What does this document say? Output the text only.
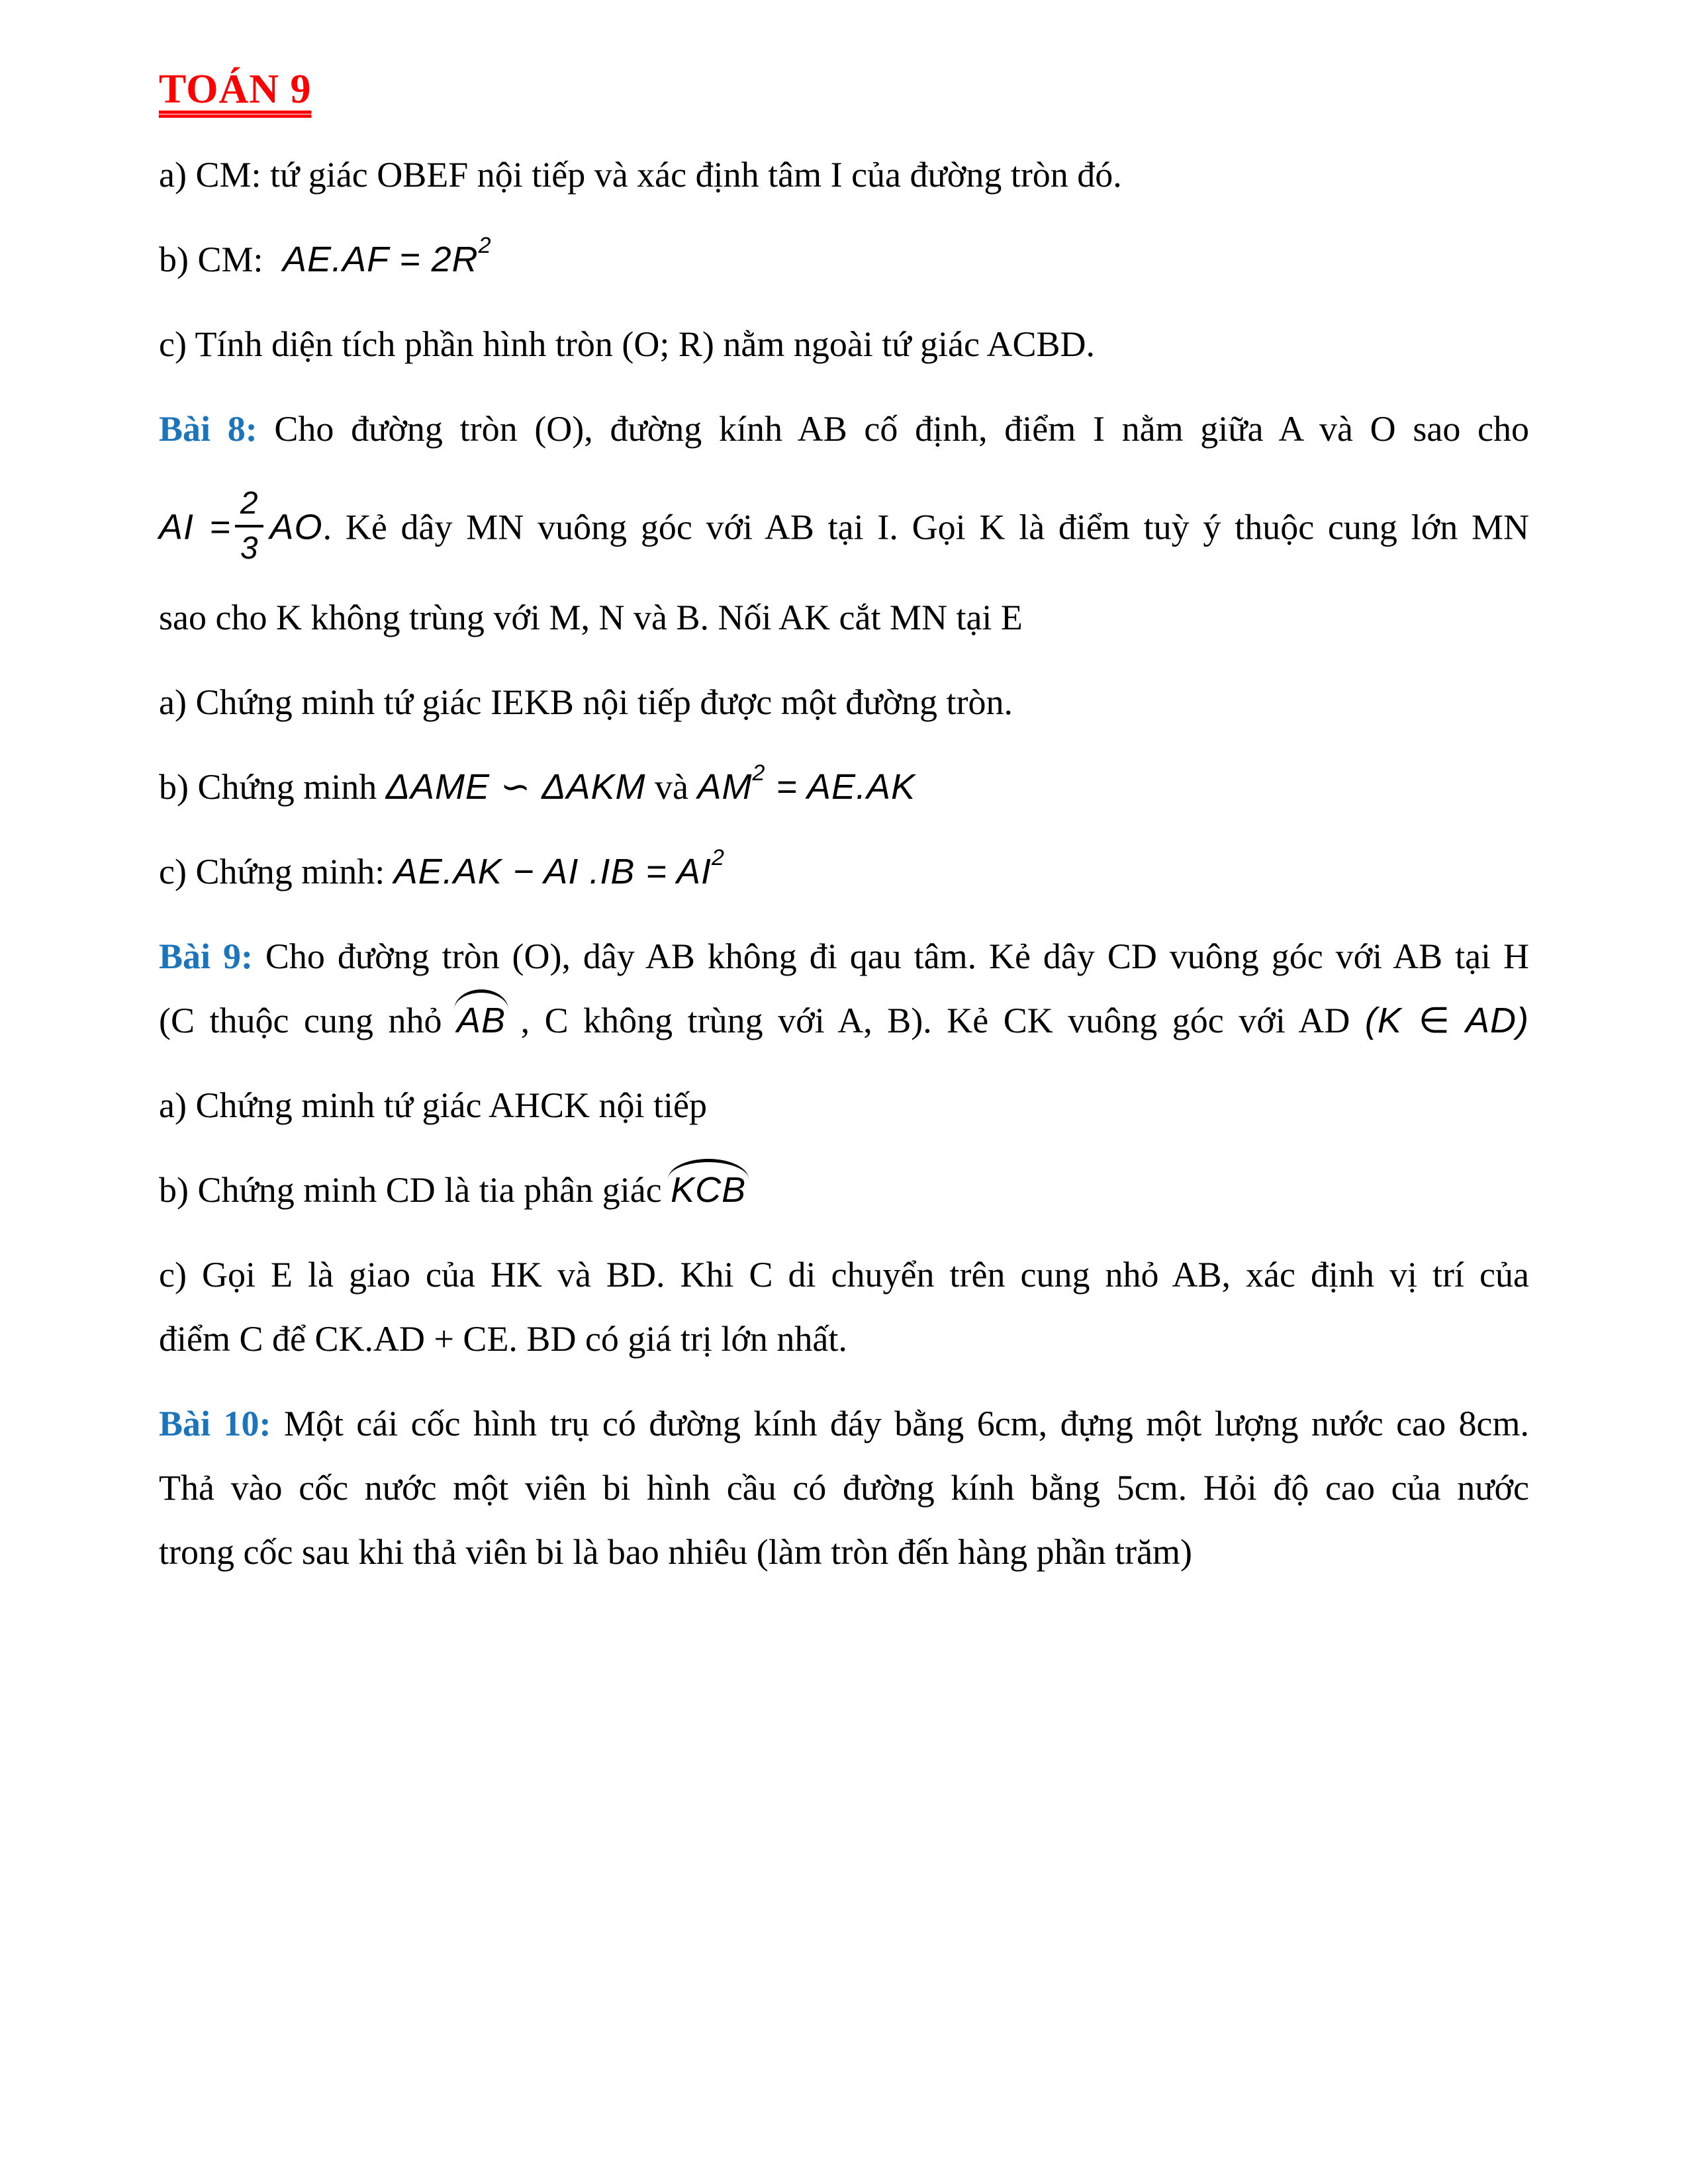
TOÁN 9
a) CM: tứ giác OBEF nội tiếp và xác định tâm I của đường tròn đó.
b) CM: $AE.AF = 2R^2$
c) Tính diện tích phần hình tròn (O; R) nằm ngoài tứ giác ACBD.
Bài 8: Cho đường tròn (O), đường kính AB cố định, điểm I nằm giữa A và O sao cho
AI = $\frac{2}{3}$ AO. Kẻ dây MN vuông góc với AB tại I. Gọi K là điểm tuỳ ý thuộc cung lớn MN
sao cho K không trùng với M, N và B. Nối AK cắt MN tại E
a) Chứng minh tứ giác IEKB nội tiếp được một đường tròn.
b) Chứng minh ΔAME ∽ ΔAKM và $AM^2 = AE.AK$
c) Chứng minh: AE.AK − AI $.IB = AI^2$
Bài 9: Cho đường tròn (O), dây AB không đi qau tâm. Kẻ dây CD vuông góc với AB tại H
(C thuộc cung nhỏ AB , C không trùng với A, B). Kẻ CK vuông góc với AD (K ∈ AD)
a) Chứng minh tứ giác AHCK nội tiếp
b) Chứng minh CD là tia phân giác KCB
c) Gọi E là giao của HK và BD. Khi C di chuyển trên cung nhỏ AB, xác định vị trí của
điểm C để CK.AD + CE. BD có giá trị lớn nhất.
Bài 10: Một cái cốc hình trụ có đường kính đáy bằng 6cm, đựng một lượng nước cao 8cm.
Thả vào cốc nước một viên bi hình cầu có đường kính bằng 5cm. Hỏi độ cao của nước
trong cốc sau khi thả viên bi là bao nhiêu (làm tròn đến hàng phần trăm)
